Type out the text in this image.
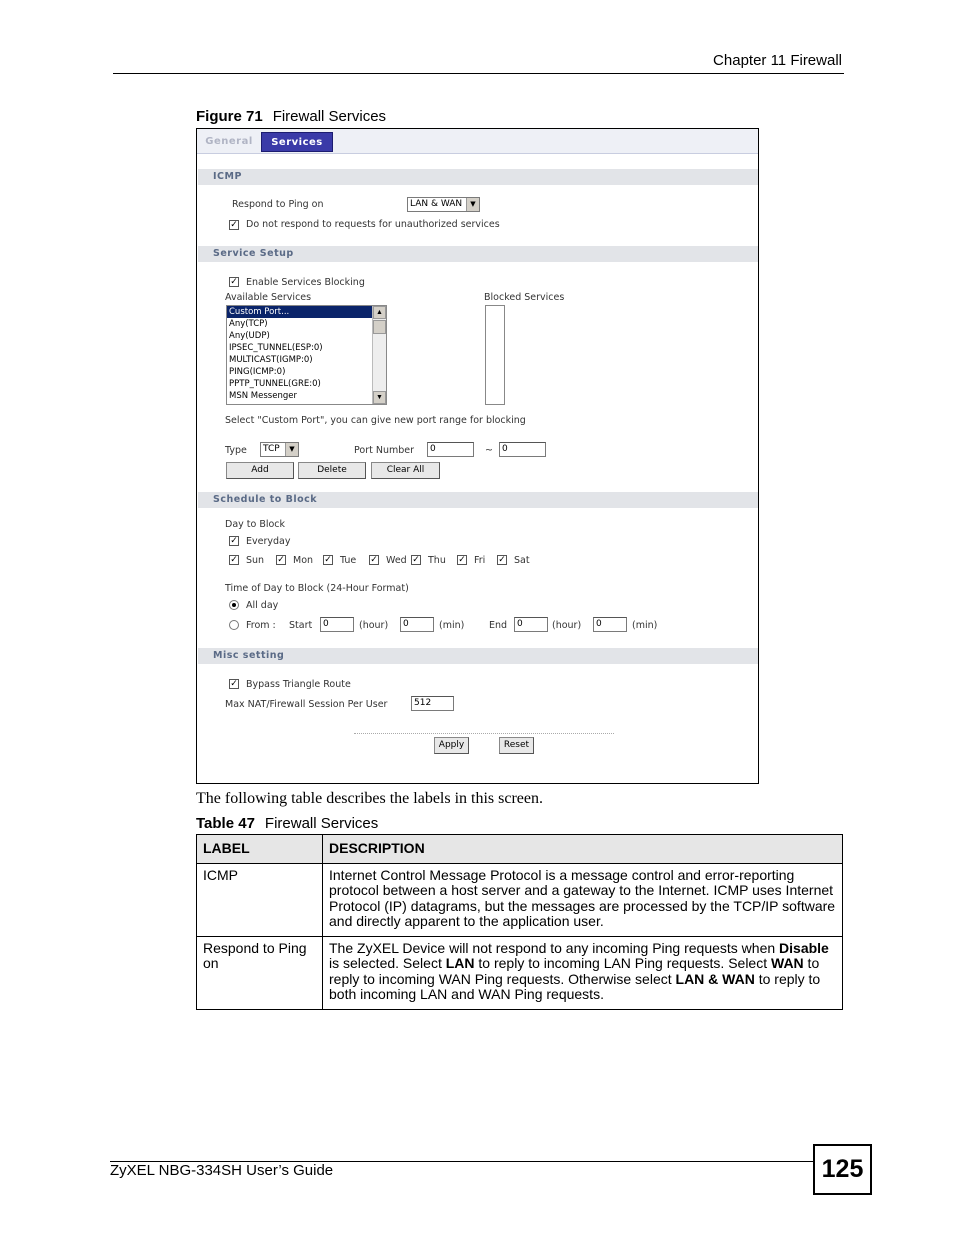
Chapter 11 Firewall
Figure 71 Firewall Services
General	Services
ICMP
Respond to Ping on	LAN & WAN	▼
✓ Do not respond to requests for unauthorized services
Service Setup
✓ Enable Services Blocking
Available Services	Blocked Services
Custom Port...
Any(TCP)
Any(UDP)
IPSEC_TUNNEL(ESP:0)
MULTICAST(IGMP:0)
PING(ICMP:0)
PPTP_TUNNEL(GRE:0)
MSN Messenger
▲
▼
Select "Custom Port", you can give new port range for blocking
Type	TCP	▼	Port Number	0	~	0
Add	Delete	Clear All
Schedule to Block
Day to Block
✓ Everyday
✓ Sun ✓ Mon ✓ Tue ✓ Wed ✓ Thu ✓ Fri ✓ Sat
Time of Day to Block (24-Hour Format)
All day
From : Start	0	(hour)	0	(min)	End	0	(hour)	0	(min)
Misc setting
✓ Bypass Triangle Route
Max NAT/Firewall Session Per User	512
Apply	Reset
The following table describes the labels in this screen.
Table 47 Firewall Services
LABEL	DESCRIPTION
ICMP	Internet Control Message Protocol is a message control and error-reporting protocol between a host server and a gateway to the Internet. ICMP uses Internet Protocol (IP) datagrams, but the messages are processed by the TCP/IP software and directly apparent to the application user.
Respond to Ping on	The ZyXEL Device will not respond to any incoming Ping requests when Disable is selected. Select LAN to reply to incoming LAN Ping requests. Select WAN to reply to incoming WAN Ping requests. Otherwise select LAN & WAN to reply to both incoming LAN and WAN Ping requests.
ZyXEL NBG-334SH User’s Guide	125
